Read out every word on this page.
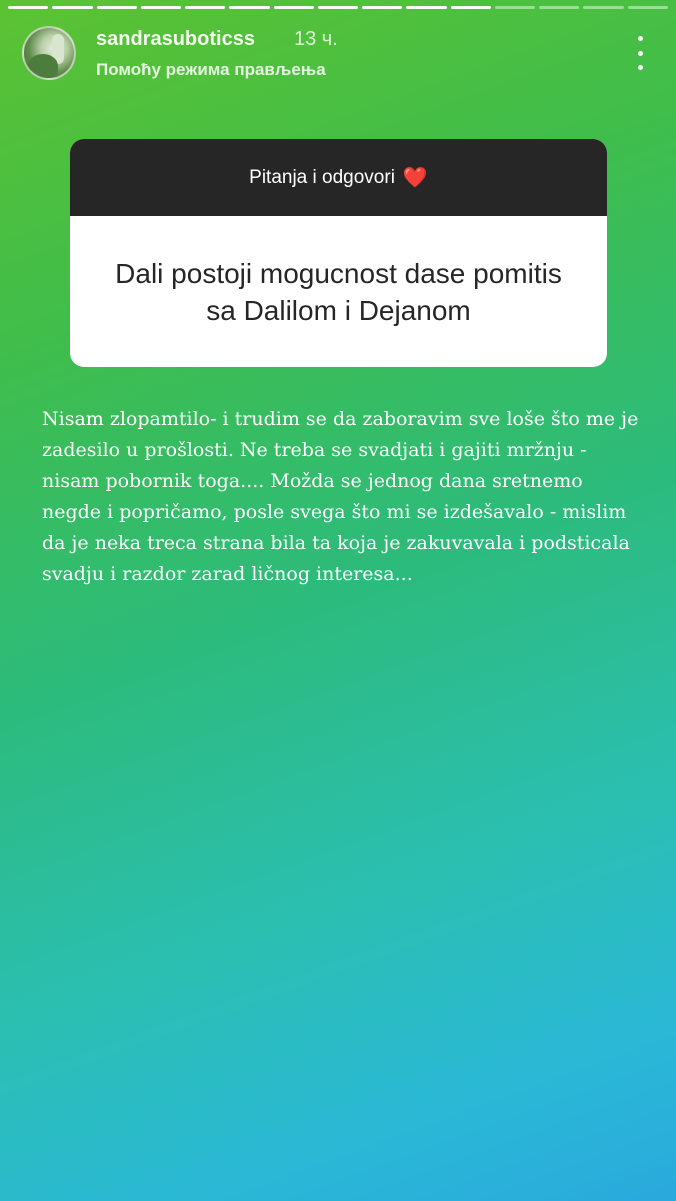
sandrasuboticss 13 ч.
Помоћу режима прављења
Pitanja i odgovori ❤️
Dali postoji mogucnost dase pomitis sa Dalilom i Dejanom
Nisam zlopamtilo- i trudim se da zaboravim sve loše što me je zadesilo u prošlosti. Ne treba se svadjati i gajiti mržnju - nisam pobornik toga.... Možda se jednog dana sretnemo negde i popričamo, posle svega što mi se izdešavalo - mislim da je neka treca strana bila ta koja je zakuvavala i podsticala svadju i razdor zarad ličnog interesa...
